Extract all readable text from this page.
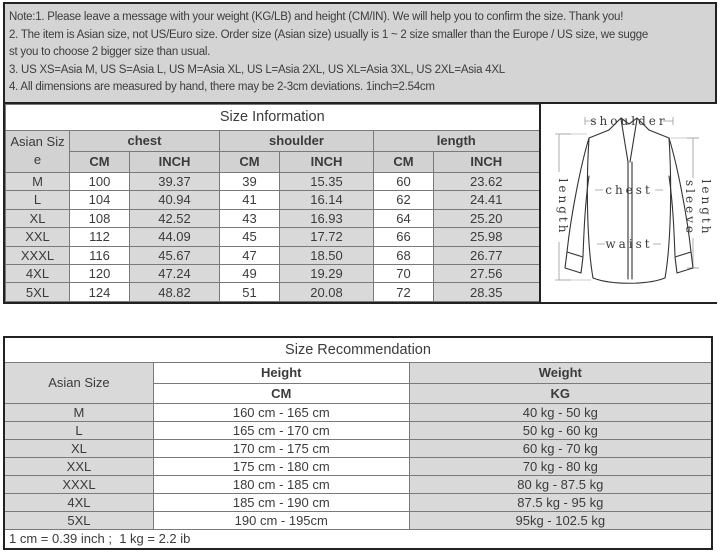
Note:1. Please leave a message with your weight (KG/LB) and height (CM/IN). We will help you to confirm the size. Thank you!
2. The item is Asian size, not US/Euro size. Order size (Asian size) usually is 1 ~ 2 size smaller than the Europe / US size, we sugge
st you to choose 2 bigger size than usual.
3. US XS=Asia M, US S=Asia L, US M=Asia XL, US L=Asia 2XL, US XL=Asia 3XL, US 2XL=Asia 4XL
4. All dimensions are measured by hand, there may be 2-3cm deviations. 1inch=2.54cm
Size Information						
Asian Size	chest		shoulder		length	
	CM	INCH	CM	INCH	CM	INCH
M	100	39.37	39	15.35	60	23.62
L	104	40.94	41	16.14	62	24.41
XL	108	42.52	43	16.93	64	25.20
XXL	112	44.09	45	17.72	66	25.98
XXXL	116	45.67	47	18.50	68	26.77
4XL	120	47.24	49	19.29	70	27.56
5XL	124	48.82	51	20.08	72	28.35
shoulder
length	chest
waist
sleeve length
Size Recommendation		
Asian Size	Height	Weight
	CM	KG
M	160 cm - 165 cm	40 kg - 50 kg
L	165 cm - 170 cm	50 kg - 60 kg
XL	170 cm - 175 cm	60 kg - 70 kg
XXL	175 cm - 180 cm	70 kg - 80 kg
XXXL	180 cm - 185 cm	80 kg - 87.5 kg
4XL	185 cm - 190 cm	87.5 kg - 95 kg
5XL	190 cm - 195cm	95kg - 102.5 kg
1 cm = 0.39 inch ;  1 kg = 2.2 ib		
